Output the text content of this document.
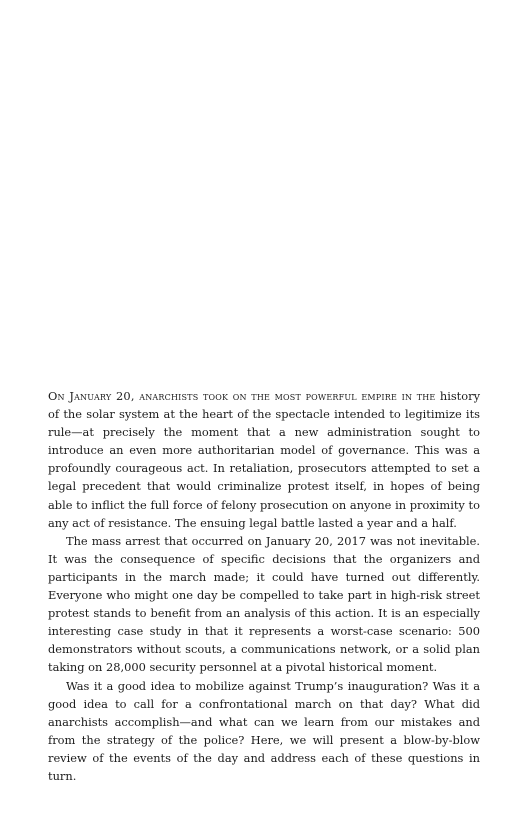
On January 20, anarchists took on the most powerful empire in the history of the solar system at the heart of the spectacle intended to legitimize its rule—at precisely the moment that a new administration sought to introduce an even more authoritarian model of governance. This was a profoundly courageous act. In retaliation, prosecutors attempted to set a legal precedent that would criminalize protest itself, in hopes of being able to inflict the full force of felony prosecution on anyone in proximity to any act of resistance. The ensuing legal battle lasted a year and a half.

The mass arrest that occurred on January 20, 2017 was not inevitable. It was the consequence of specific decisions that the organizers and participants in the march made; it could have turned out differently. Everyone who might one day be compelled to take part in high-risk street protest stands to benefit from an analysis of this action. It is an especially interesting case study in that it represents a worst-case scenario: 500 demonstrators without scouts, a communications network, or a solid plan taking on 28,000 security personnel at a pivotal historical moment.

Was it a good idea to mobilize against Trump’s inauguration? Was it a good idea to call for a confrontational march on that day? What did anarchists accomplish—and what can we learn from our mistakes and from the strategy of the police? Here, we will present a blow-by-blow review of the events of the day and address each of these questions in turn.
